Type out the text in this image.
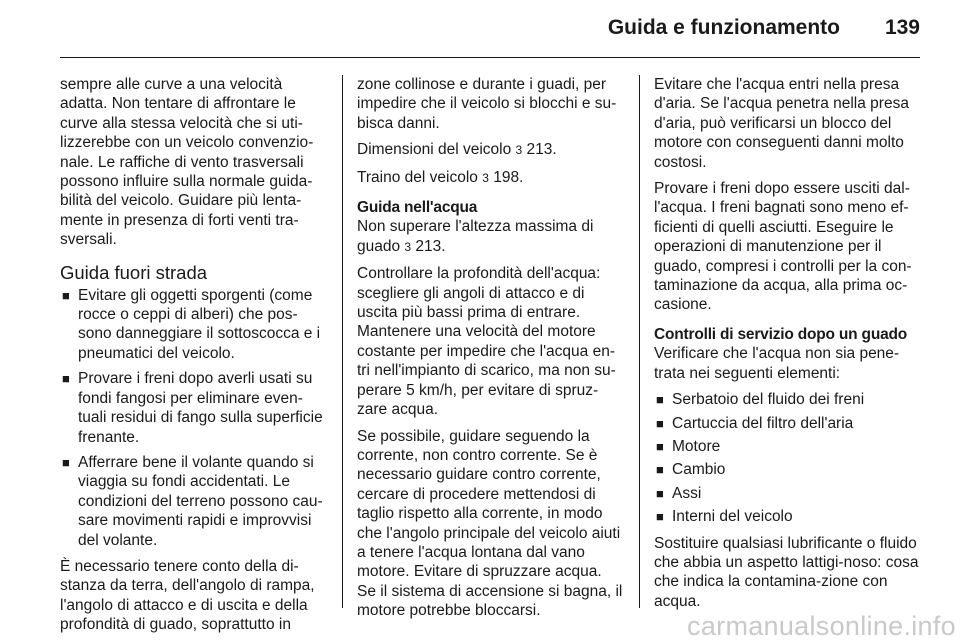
Guida e funzionamento 139

sempre alle curve a una velocità adatta. Non tentare di affrontare le curve alla stessa velocità che si uti-lizzerebbe con un veicolo convenzio-nale. Le raffiche di vento trasversali possono influire sulla normale guida-bilità del veicolo. Guidare più lenta-mente in presenza di forti venti tra-sversali.

Guida fuori strada
■ Evitare gli oggetti sporgenti (come rocce o ceppi di alberi) che pos-sono danneggiare il sottoscocca e i pneumatici del veicolo.
■ Provare i freni dopo averli usati su fondi fangosi per eliminare even-tuali residui di fango sulla superficie frenante.
■ Afferrare bene il volante quando si viaggia su fondi accidentati. Le condizioni del terreno possono cau-sare movimenti rapidi e improvvisi del volante.

È necessario tenere conto della di-stanza da terra, dell'angolo di rampa, l'angolo di attacco e di uscita e della profondità di guado, soprattutto in

zone collinose e durante i guadi, per impedire che il veicolo si blocchi e su-bisca danni.

Dimensioni del veicolo 3 213.

Traino del veicolo 3 198.

Guida nell'acqua

Non superare l'altezza massima di guado 3 213.

Controllare la profondità dell'acqua: scegliere gli angoli di attacco e di uscita più bassi prima di entrare. Mantenere una velocità del motore costante per impedire che l'acqua en-tri nell'impianto di scarico, ma non su-perare 5 km/h, per evitare di spruz-zare acqua.

Se possibile, guidare seguendo la corrente, non contro corrente. Se è necessario guidare contro corrente, cercare di procedere mettendosi di taglio rispetto alla corrente, in modo che l'angolo principale del veicolo aiuti a tenere l'acqua lontana dal vano motore. Evitare di spruzzare acqua. Se il sistema di accensione si bagna, il motore potrebbe bloccarsi.

Evitare che l'acqua entri nella presa d'aria. Se l'acqua penetra nella presa d'aria, può verificarsi un blocco del motore con conseguenti danni molto costosi.

Provare i freni dopo essere usciti dal-l'acqua. I freni bagnati sono meno ef-ficienti di quelli asciutti. Eseguire le operazioni di manutenzione per il guado, compresi i controlli per la con-taminazione da acqua, alla prima oc-casione.

Controlli di servizio dopo un guado

Verificare che l'acqua non sia pene-trata nei seguenti elementi:

■ Serbatoio del fluido dei freni
■ Cartuccia del filtro dell'aria
■ Motore
■ Cambio
■ Assi
■ Interni del veicolo

Sostituire qualsiasi lubrificante o fluido che abbia un aspetto lattigi-noso: cosa che indica la contamina-zione con acqua.

carmanualsonline.info
